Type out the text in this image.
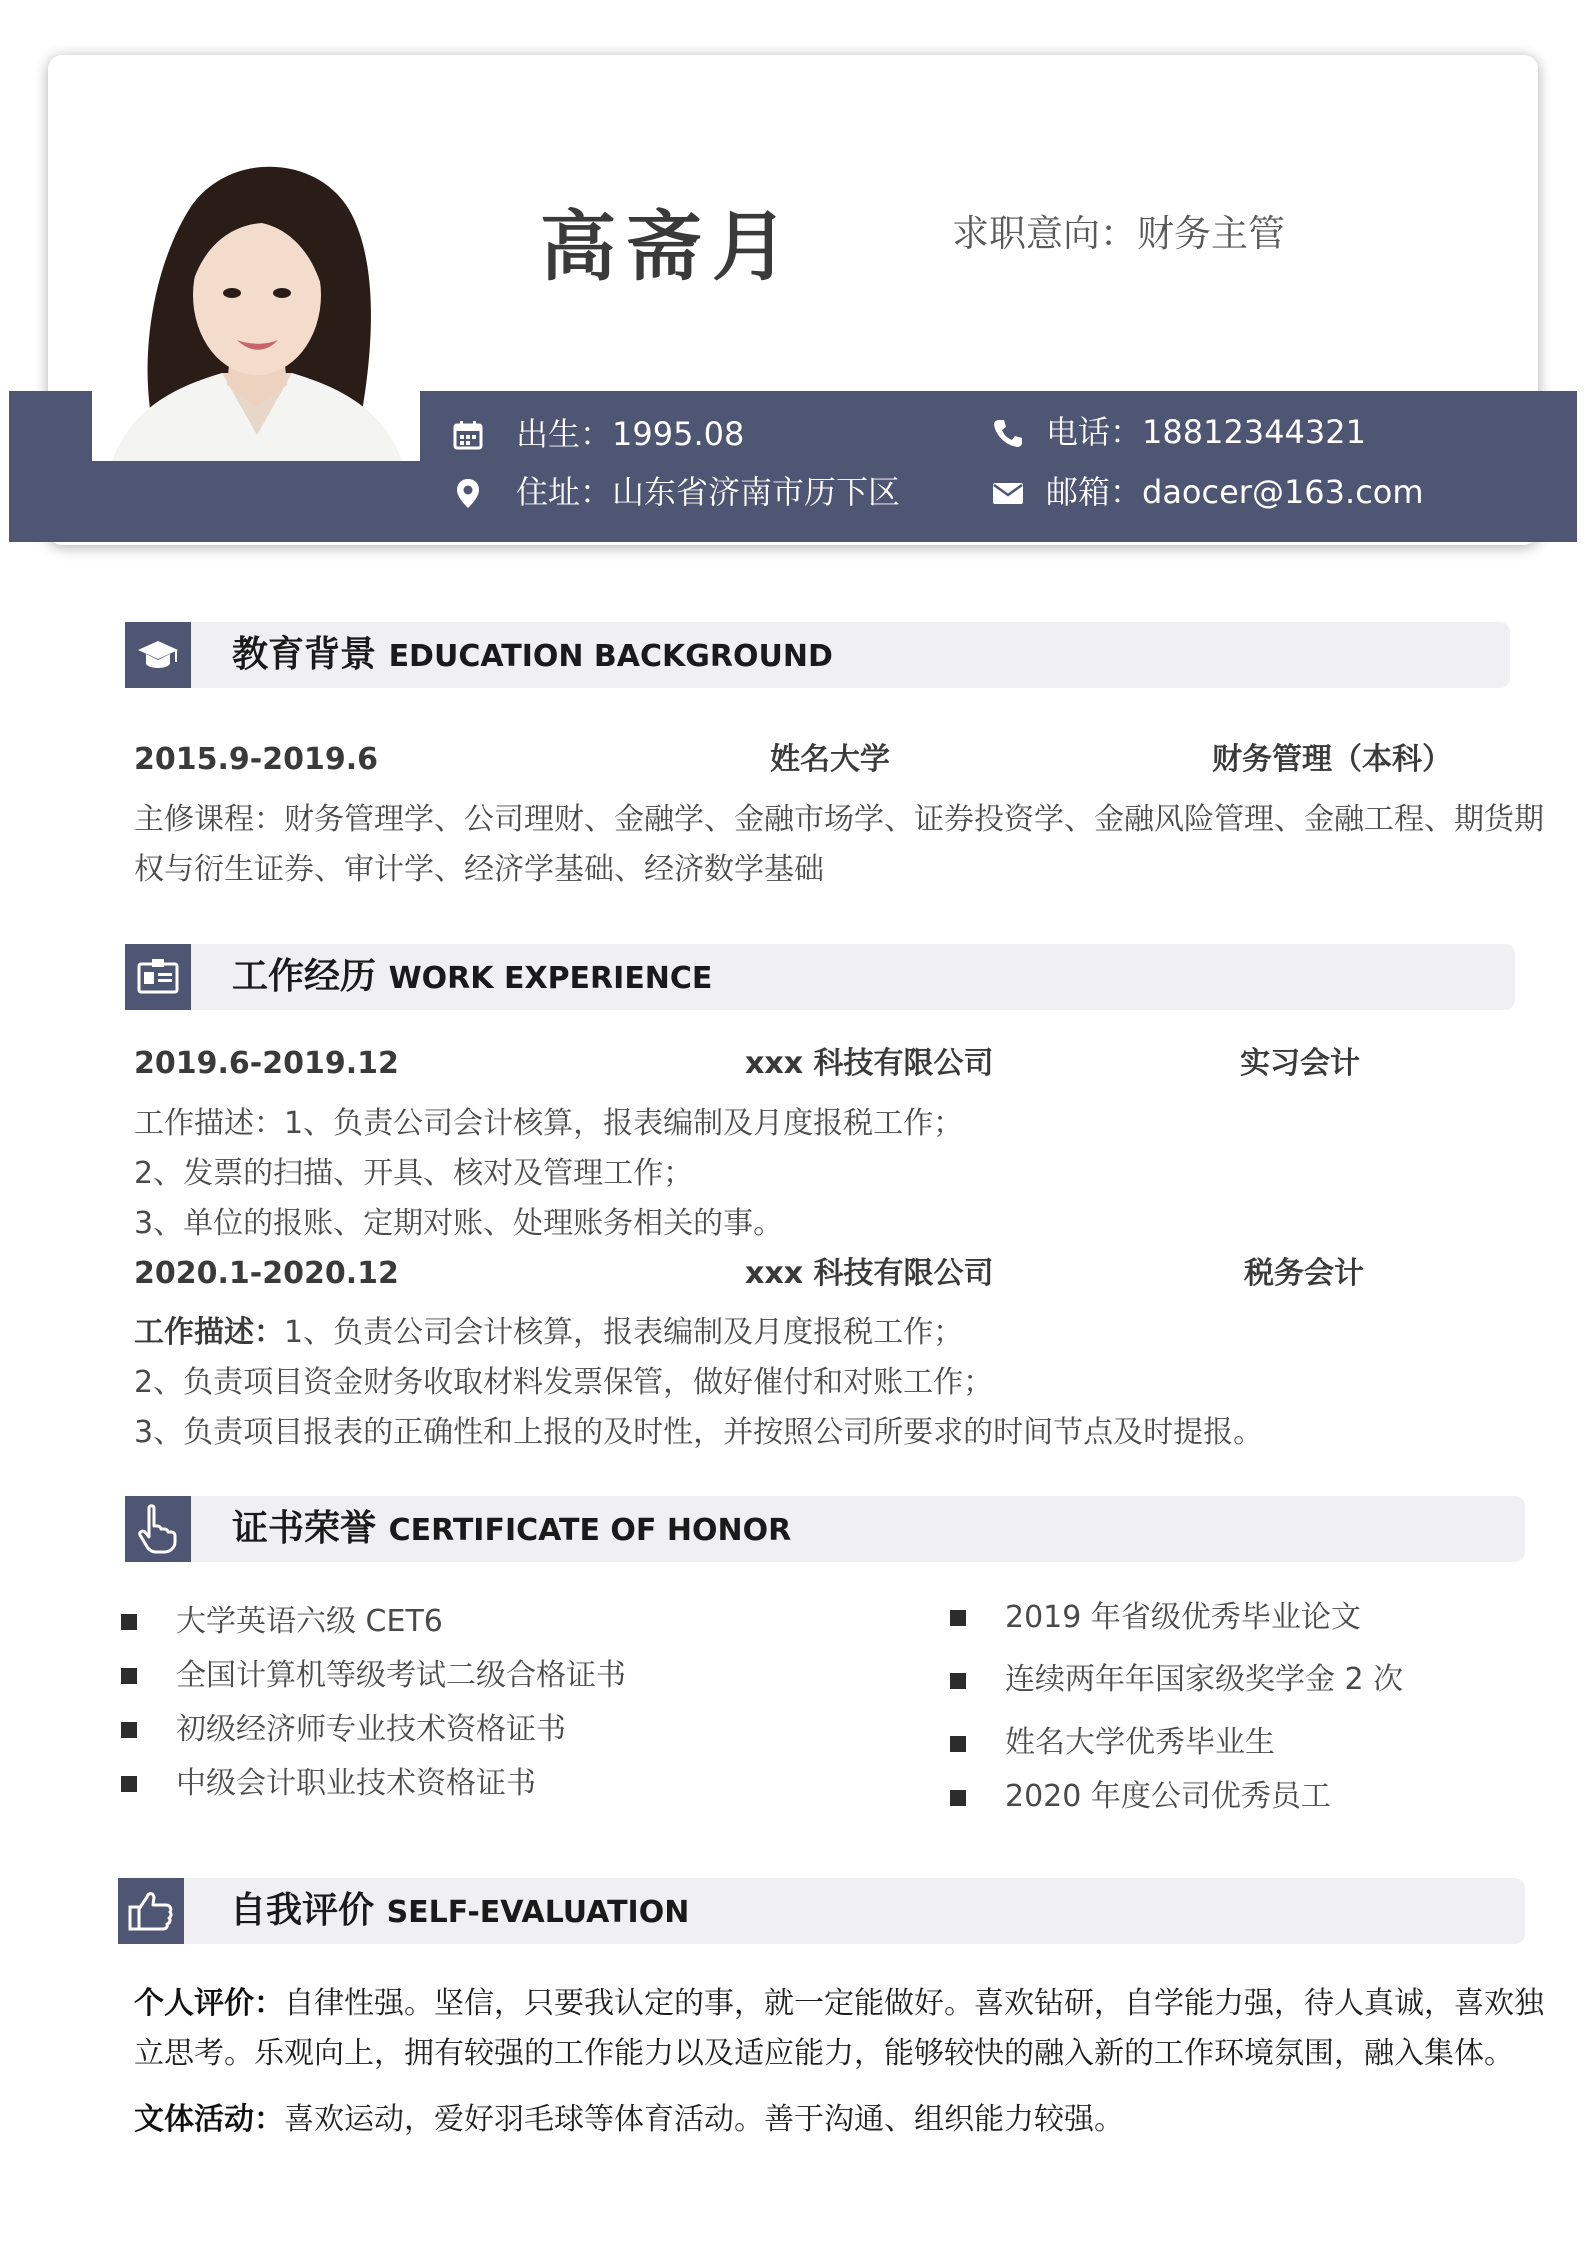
高斋月	求职意向：财务主管
出生：1995.08
住址：山东省济南市历下区
电话：18812344321
邮箱：daocer@163.com
教育背景 EDUCATION BACKGROUND
2015.9-2019.6	姓名大学	财务管理（本科）
主修课程：财务管理学、公司理财、金融学、金融市场学、证券投资学、金融风险管理、金融工程、期货期
权与衍生证券、审计学、经济学基础、经济数学基础
工作经历 WORK EXPERIENCE
2019.6-2019.12	xxx 科技有限公司	实习会计
工作描述：1、负责公司会计核算，报表编制及月度报税工作；
2、发票的扫描、开具、核对及管理工作；
3、单位的报账、定期对账、处理账务相关的事。
2020.1-2020.12	xxx 科技有限公司	税务会计
工作描述：1、负责公司会计核算，报表编制及月度报税工作；
2、负责项目资金财务收取材料发票保管，做好催付和对账工作；
3、负责项目报表的正确性和上报的及时性，并按照公司所要求的时间节点及时提报。
证书荣誉 CERTIFICATE OF HONOR
大学英语六级 CET6
全国计算机等级考试二级合格证书
初级经济师专业技术资格证书
中级会计职业技术资格证书
2019 年省级优秀毕业论文
连续两年年国家级奖学金 2 次
姓名大学优秀毕业生
2020 年度公司优秀员工
自我评价 SELF-EVALUATION
个人评价：自律性强。坚信，只要我认定的事，就一定能做好。喜欢钻研，自学能力强，待人真诚，喜欢独
立思考。乐观向上，拥有较强的工作能力以及适应能力，能够较快的融入新的工作环境氛围，融入集体。
文体活动：喜欢运动，爱好羽毛球等体育活动。善于沟通、组织能力较强。
